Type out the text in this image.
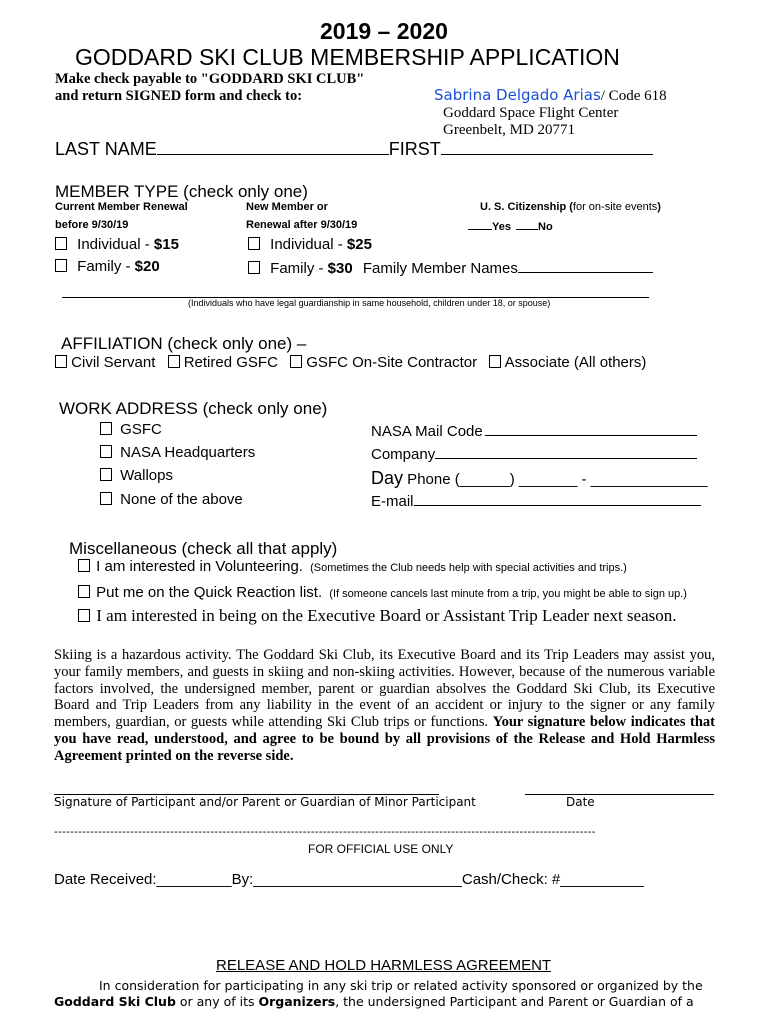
2019 – 2020
GODDARD SKI CLUB MEMBERSHIP APPLICATION
Make check payable to "GODDARD SKI CLUB"
and return SIGNED form and check to:	Sabrina Delgado Arias/ Code 618
Goddard Space Flight Center
Greenbelt, MD 20771
LAST NAME	FIRST
MEMBER TYPE (check only one)
Current Member Renewal
before 9/30/19
New Member or
Renewal after 9/30/19
U. S. Citizenship (for on-site events)
Yes No
Individual - $15	Individual - $25
Family - $20	Family - $30 Family Member Names
(Individuals who have legal guardianship in same household, children under 18, or spouse)
AFFILIATION (check only one) –
Civil Servant Retired GSFC GSFC On-Site Contractor Associate (All others)
WORK ADDRESS (check only one)
GSFC
NASA Headquarters
Wallops
None of the above
NASA Mail Code
Company
Day Phone (______) _______ - ______________
E-mail
Miscellaneous (check all that apply)
I am interested in Volunteering. (Sometimes the Club needs help with special activities and trips.)
Put me on the Quick Reaction list. (If someone cancels last minute from a trip, you might be able to sign up.)
I am interested in being on the Executive Board or Assistant Trip Leader next season.
Skiing is a hazardous activity. The Goddard Ski Club, its Executive Board and its Trip Leaders may assist you, your family members, and guests in skiing and non-skiing activities. However, because of the numerous variable factors involved, the undersigned member, parent or guardian absolves the Goddard Ski Club, its Executive Board and Trip Leaders from any liability in the event of an accident or injury to the signer or any family members, guardian, or guests while attending Ski Club trips or functions. Your signature below indicates that you have read, understood, and agree to be bound by all provisions of the Release and Hold Harmless Agreement printed on the reverse side.
Signature of Participant and/or Parent or Guardian of Minor Participant	Date
---------------------------------------------------------------------------------------------------------------------------------------
FOR OFFICIAL USE ONLY
Date Received:_________By:_________________________Cash/Check: #__________
RELEASE AND HOLD HARMLESS AGREEMENT
In consideration for participating in any ski trip or related activity sponsored or organized by the
Goddard Ski Club or any of its Organizers, the undersigned Participant and Parent or Guardian of a
